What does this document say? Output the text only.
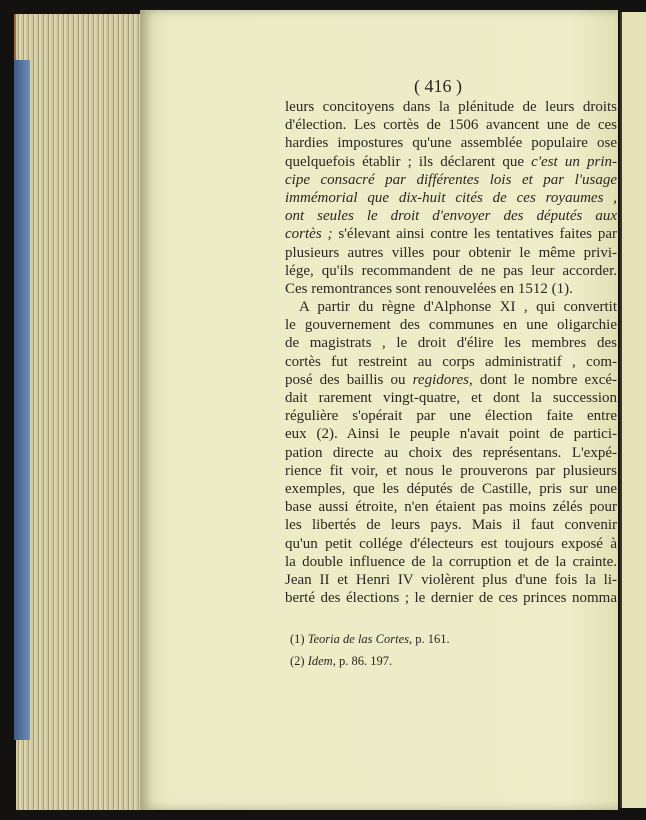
( 416 )
leurs concitoyens dans la plénitude de leurs droits
d'élection. Les cortès de 1506 avancent une de ces
hardies impostures qu'une assemblée populaire ose
quelquefois établir ; ils déclarent que c'est un prin-
cipe consacré par différentes lois et par l'usage
immémorial que dix-huit cités de ces royaumes ,
ont seules le droit d'envoyer des députés aux
cortès ; s'élevant ainsi contre les tentatives faites par
plusieurs autres villes pour obtenir le même privi-
lége, qu'ils recommandent de ne pas leur accorder.
Ces remontrances sont renouvelées en 1512 (1).
A partir du règne d'Alphonse XI , qui convertit
le gouvernement des communes en une oligarchie
de magistrats , le droit d'élire les membres des
cortès fut restreint au corps administratif , com-
posé des baillis ou regidores, dont le nombre excé-
dait rarement vingt-quatre, et dont la succession
régulière s'opérait par une élection faite entre
eux (2). Ainsi le peuple n'avait point de partici-
pation directe au choix des représentans. L'expé-
rience fit voir, et nous le prouverons par plusieurs
exemples, que les députés de Castille, pris sur une
base aussi étroite, n'en étaient pas moins zélés pour
les libertés de leurs pays. Mais il faut convenir
qu'un petit collége d'électeurs est toujours exposé à
la double influence de la corruption et de la crainte.
Jean II et Henri IV violèrent plus d'une fois la li-
berté des élections ; le dernier de ces princes nomma
(1) Teoria de las Cortes, p. 161.
(2) Idem, p. 86. 197.
